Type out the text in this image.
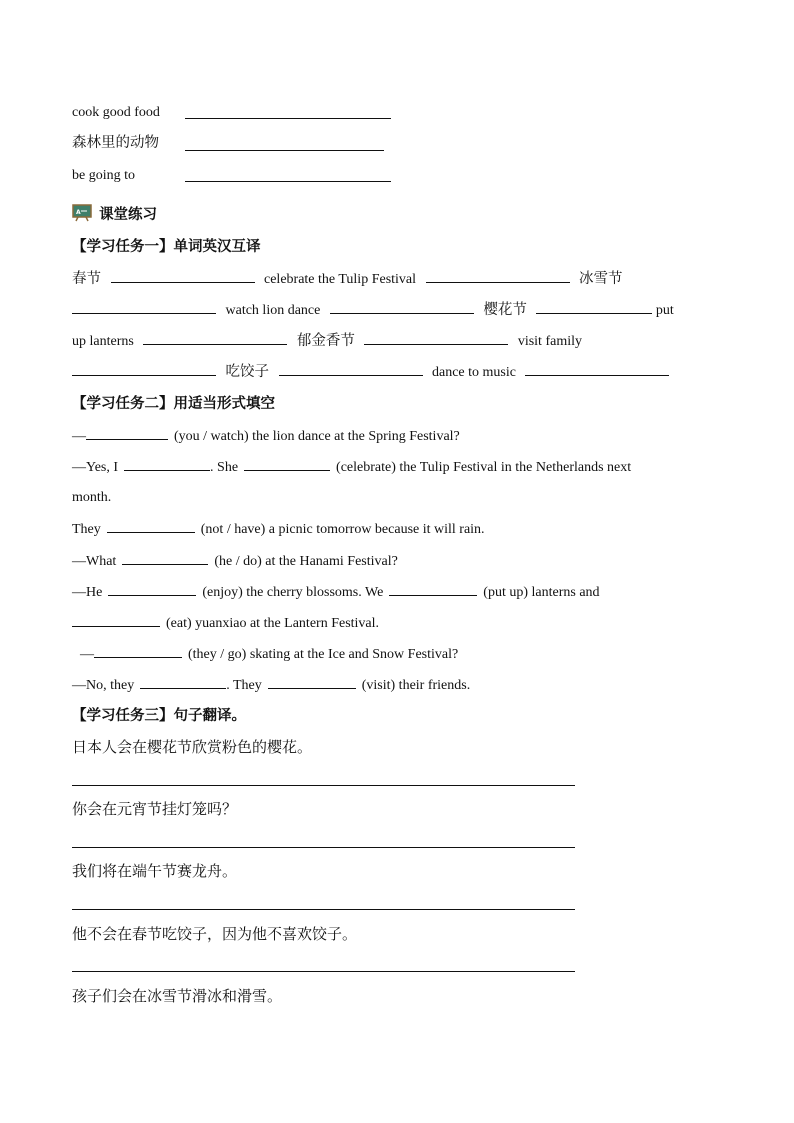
cook good food
森林里的动物
be going to
A 课堂练习
【学习任务一】单词英汉互译
春节	celebrate the Tulip Festival	冰雪节
watch lion dance	樱花节	put
up lanterns	郁金香节	visit family
吃饺子	dance to music
【学习任务二】用适当形式填空
—	(you / watch) the lion dance at the Spring Festival?
—Yes, I	. She	(celebrate) the Tulip Festival in the Netherlands next
month.
They	(not / have) a picnic tomorrow because it will rain.
—What	(he / do) at the Hanami Festival?
—He	(enjoy) the cherry blossoms. We	(put up) lanterns and
(eat) yuanxiao at the Lantern Festival.
—	(they / go) skating at the Ice and Snow Festival?
—No, they	. They	(visit) their friends.
【学习任务三】句子翻译。
日本人会在樱花节欣赏粉色的樱花。
你会在元宵节挂灯笼吗？
我们将在端午节赛龙舟。
他不会在春节吃饺子，因为他不喜欢饺子。
孩子们会在冰雪节滑冰和滑雪。
